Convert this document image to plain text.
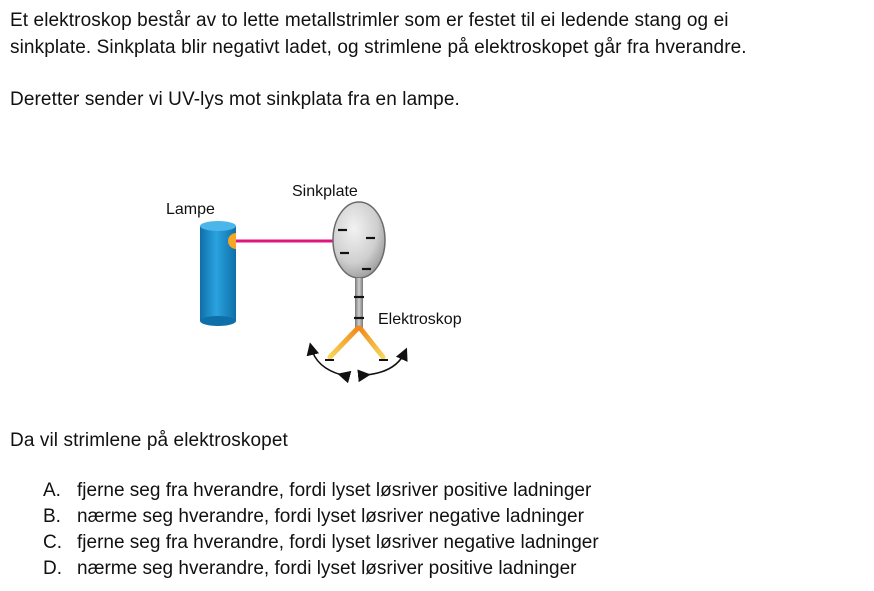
Et elektroskop består av to lette metallstrimler som er festet til ei ledende stang og ei

sinkplate. Sinkplata blir negativt ladet, og strimlene på elektroskopet går fra hverandre.

Deretter sender vi UV-lys mot sinkplata fra en lampe.
Lampe
Sinkplate
Elektroskop
Da vil strimlene på elektroskopet
A. fjerne seg fra hverandre, fordi lyset løsriver positive ladninger
B. nærme seg hverandre, fordi lyset løsriver negative ladninger
C. fjerne seg fra hverandre, fordi lyset løsriver negative ladninger
D. nærme seg hverandre, fordi lyset løsriver positive ladninger
